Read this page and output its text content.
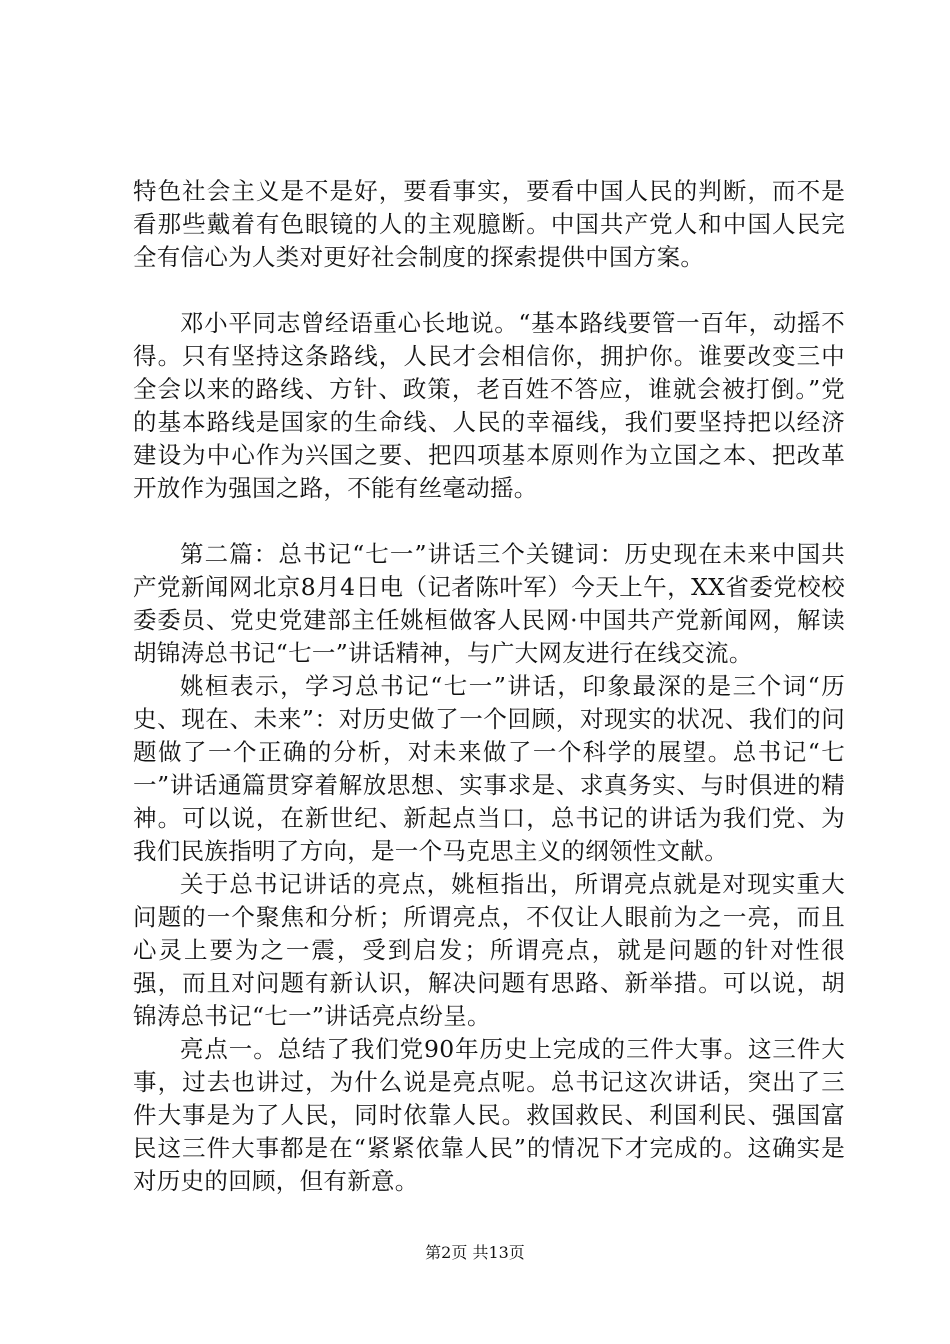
特色社会主义是不是好，要看事实，要看中国人民的判断，而不是看那些戴着有色眼镜的人的主观臆断。中国共产党人和中国人民完全有信心为人类对更好社会制度的探索提供中国方案。

邓小平同志曾经语重心长地说。“基本路线要管一百年，动摇不得。只有坚持这条路线，人民才会相信你，拥护你。谁要改变三中全会以来的路线、方针、政策，老百姓不答应，谁就会被打倒。”党的基本路线是国家的生命线、人民的幸福线，我们要坚持把以经济建设为中心作为兴国之要、把四项基本原则作为立国之本、把改革开放作为强国之路，不能有丝毫动摇。

第二篇：总书记“七一”讲话三个关键词：历史现在未来中国共产党新闻网北京8月4日电（记者陈叶军）今天上午，XX省委党校校委委员、党史党建部主任姚桓做客人民网·中国共产党新闻网，解读胡锦涛总书记“七一”讲话精神，与广大网友进行在线交流。

姚桓表示，学习总书记“七一”讲话，印象最深的是三个词“历史、现在、未来”：对历史做了一个回顾，对现实的状况、我们的问题做了一个正确的分析，对未来做了一个科学的展望。总书记“七一”讲话通篇贯穿着解放思想、实事求是、求真务实、与时俱进的精神。可以说，在新世纪、新起点当口，总书记的讲话为我们党、为我们民族指明了方向，是一个马克思主义的纲领性文献。

关于总书记讲话的亮点，姚桓指出，所谓亮点就是对现实重大问题的一个聚焦和分析；所谓亮点，不仅让人眼前为之一亮，而且心灵上要为之一震，受到启发；所谓亮点，就是问题的针对性很强，而且对问题有新认识，解决问题有思路、新举措。可以说，胡锦涛总书记“七一”讲话亮点纷呈。

亮点一。总结了我们党90年历史上完成的三件大事。这三件大事，过去也讲过，为什么说是亮点呢。总书记这次讲话，突出了三件大事是为了人民，同时依靠人民。救国救民、利国利民、强国富民这三件大事都是在“紧紧依靠人民”的情况下才完成的。这确实是对历史的回顾，但有新意。

第2页 共13页
